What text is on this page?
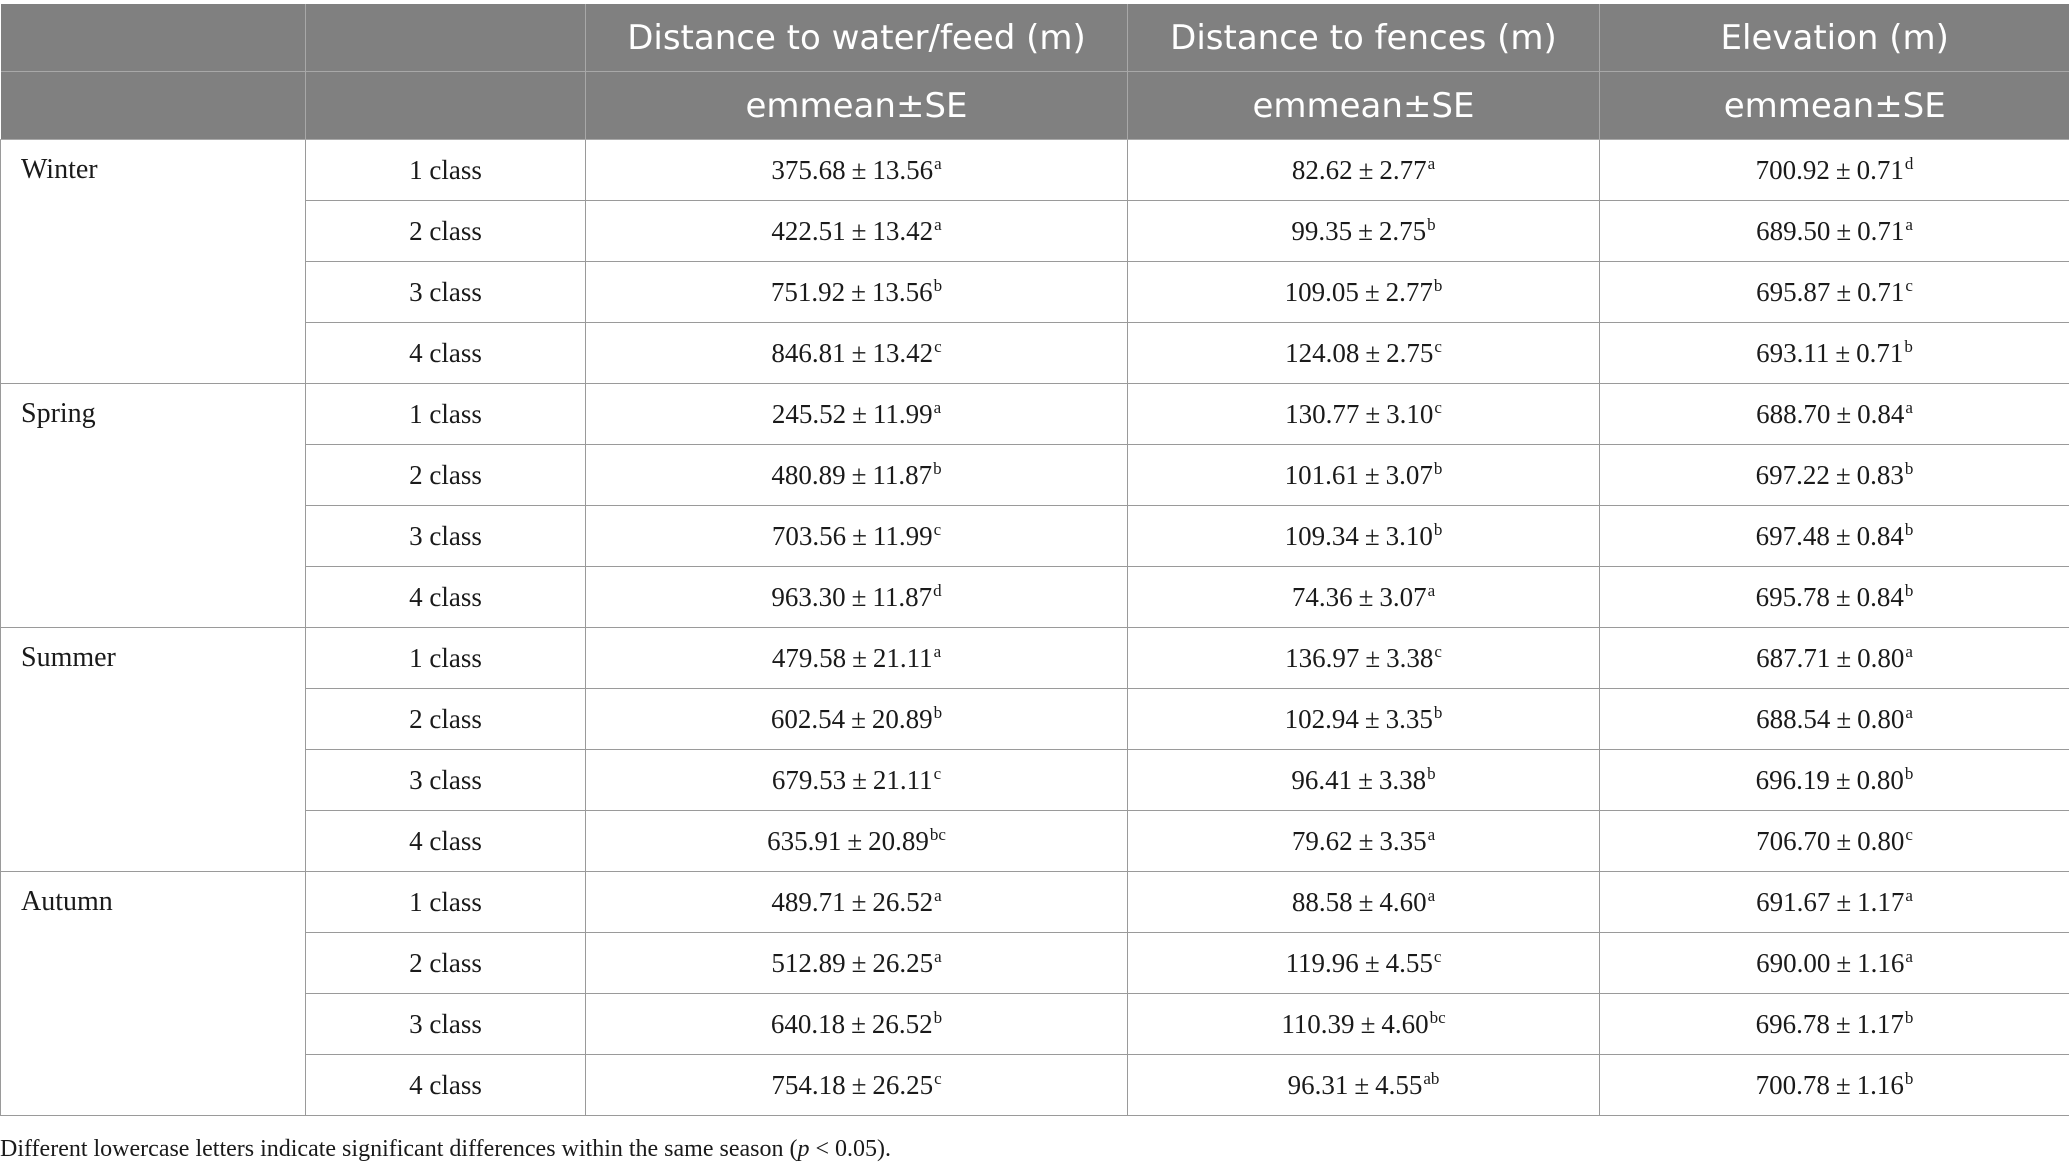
		Distance to water/feed (m)	Distance to fences (m)	Elevation (m)
		emmean±SE	emmean±SE	emmean±SE
Winter	1 class	375.68 ± 13.56$^a$	82.62 ± 2.77$^a$	700.92 ± 0.71$^d$
	2 class	422.51 ± 13.42$^a$	99.35 ± 2.75$^b$	689.50 ± 0.71$^a$
	3 class	751.92 ± 13.56$^b$	109.05 ± 2.77$^b$	695.87 ± 0.71$^c$
	4 class	846.81 ± 13.42$^c$	124.08 ± 2.75$^c$	693.11 ± 0.71$^b$
Spring	1 class	245.52 ± 11.99$^a$	130.77 ± 3.10$^c$	688.70 ± 0.84$^a$
	2 class	480.89 ± 11.87$^b$	101.61 ± 3.07$^b$	697.22 ± 0.83$^b$
	3 class	703.56 ± 11.99$^c$	109.34 ± 3.10$^b$	697.48 ± 0.84$^b$
	4 class	963.30 ± 11.87$^d$	74.36 ± 3.07$^a$	695.78 ± 0.84$^b$
Summer	1 class	479.58 ± 21.11$^a$	136.97 ± 3.38$^c$	687.71 ± 0.80$^a$
	2 class	602.54 ± 20.89$^b$	102.94 ± 3.35$^b$	688.54 ± 0.80$^a$
	3 class	679.53 ± 21.11$^c$	96.41 ± 3.38$^b$	696.19 ± 0.80$^b$
	4 class	635.91 ± 20.89$^{bc}$	79.62 ± 3.35$^a$	706.70 ± 0.80$^c$
Autumn	1 class	489.71 ± 26.52$^a$	88.58 ± 4.60$^a$	691.67 ± 1.17$^a$
	2 class	512.89 ± 26.25$^a$	119.96 ± 4.55$^c$	690.00 ± 1.16$^a$
	3 class	640.18 ± 26.52$^b$	110.39 ± 4.60$^{bc}$	696.78 ± 1.17$^b$
	4 class	754.18 ± 26.25$^c$	96.31 ± 4.55$^{ab}$	700.78 ± 1.16$^b$
Different lowercase letters indicate significant differences within the same season (p < 0.05).
